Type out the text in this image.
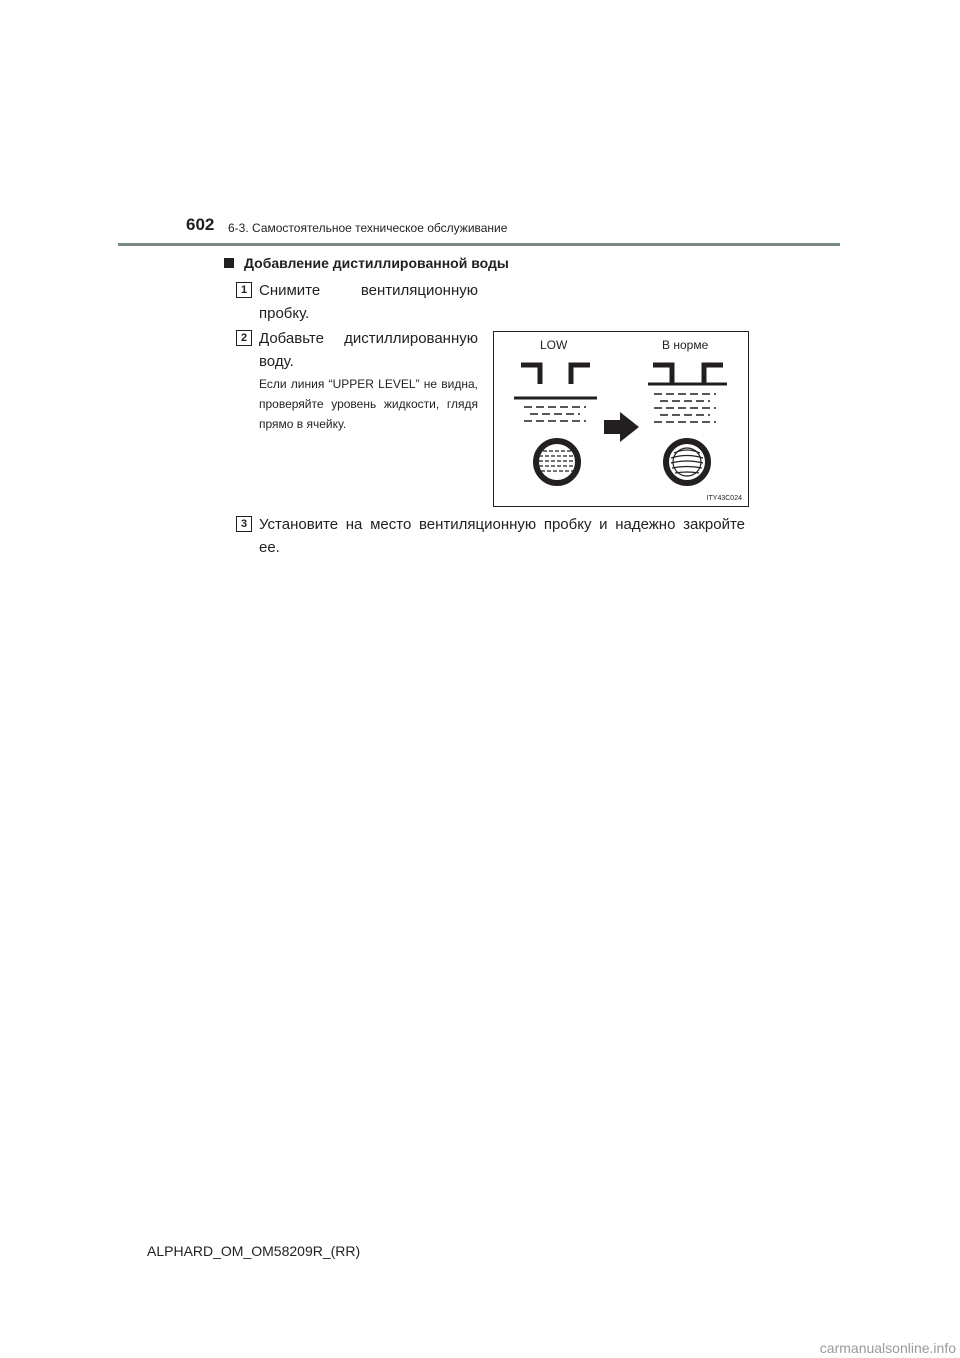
602 6-3. Самостоятельное техническое обслуживание
Добавление дистиллированной воды
1 Снимите вентиляционную пробку.
2 Добавьте дистиллированную воду.
Если линия “UPPER LEVEL” не видна, проверяйте уровень жидкости, глядя прямо в ячейку.
LOW	В норме
ITY43C024
3 Установите на место вентиляционную пробку и надежно закройте ее.
ALPHARD_OM_OM58209R_(RR)
carmanualsonline.info
